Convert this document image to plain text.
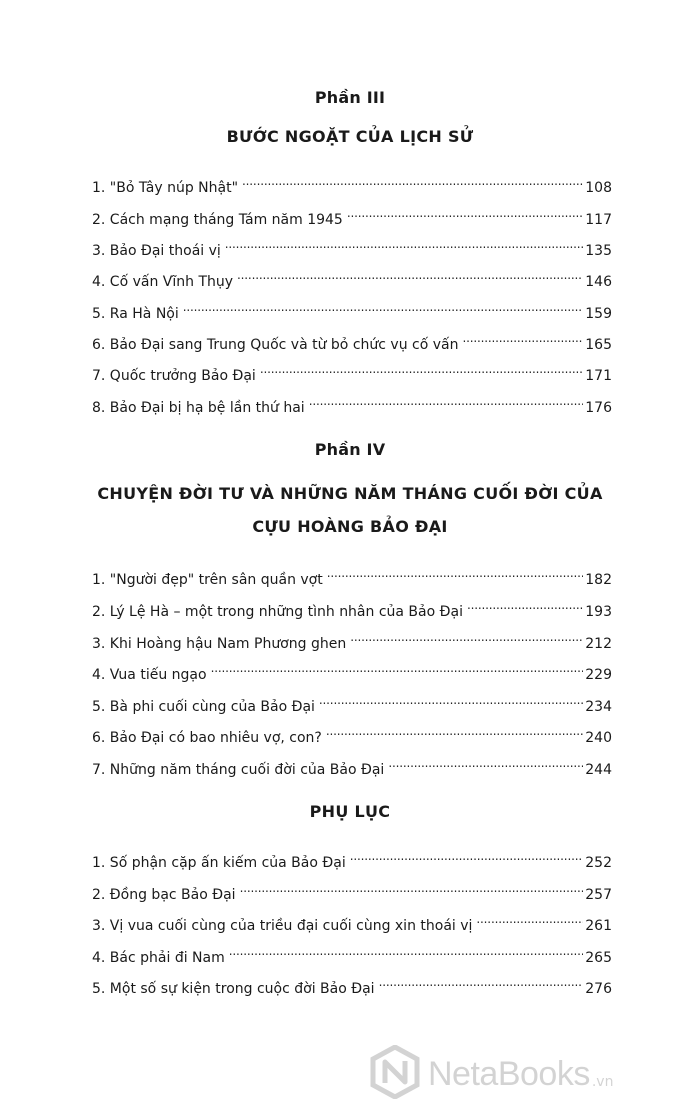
Phần III
BƯỚC NGOẶT CỦA LỊCH SỬ
1. "Bỏ Tây núp Nhật" . . .	108
2. Cách mạng tháng Tám năm 1945 . . .	117
3. Bảo Đại thoái vị . . .	135
4. Cố vấn Vĩnh Thụy . . .	146
5. Ra Hà Nội . . .	159
6. Bảo Đại sang Trung Quốc và từ bỏ chức vụ cố vấn . . .	165
7. Quốc trưởng Bảo Đại . . .	171
8. Bảo Đại bị hạ bệ lần thứ hai . . .	176
Phần IV
CHUYỆN ĐỜI TƯ VÀ NHỮNG NĂM THÁNG CUỐI ĐỜI CỦA
CỰU HOÀNG BẢO ĐẠI
1. "Người đẹp" trên sân quần vợt . . .	182
2. Lý Lệ Hà – một trong những tình nhân của Bảo Đại . . .	193
3. Khi Hoàng hậu Nam Phương ghen . . .	212
4. Vua tiếu ngạo . . .	229
5. Bà phi cuối cùng của Bảo Đại . . .	234
6. Bảo Đại có bao nhiêu vợ, con? . . .	240
7. Những năm tháng cuối đời của Bảo Đại . . .	244
PHỤ LỤC
1. Số phận cặp ấn kiếm của Bảo Đại . . .	252
2. Đồng bạc Bảo Đại . . .	257
3. Vị vua cuối cùng của triều đại cuối cùng xin thoái vị . . .	261
4. Bác phải đi Nam . . .	265
5. Một số sự kiện trong cuộc đời Bảo Đại . . .	276
NetaBooks .vn
